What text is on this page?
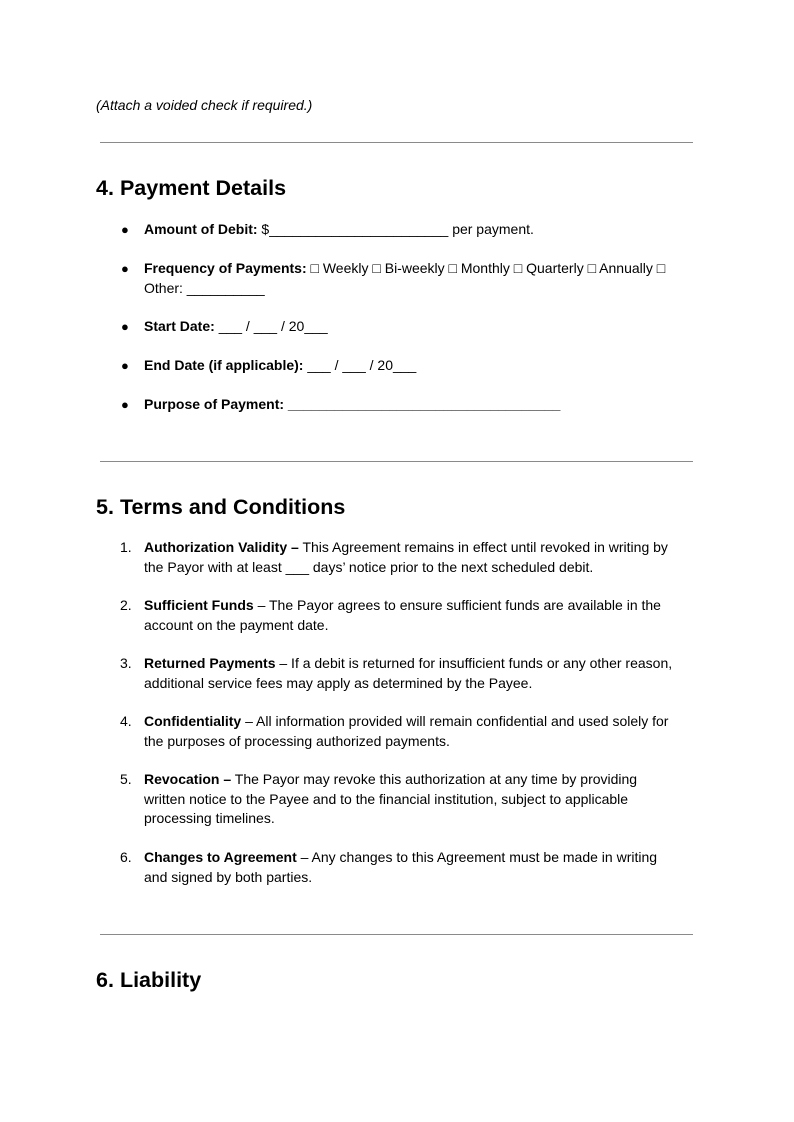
(Attach a voided check if required.)
4. Payment Details
● Amount of Debit: $_______________________ per payment.
● Frequency of Payments: □ Weekly □ Bi-weekly □ Monthly □ Quarterly □ Annually □
Other: __________
● Start Date: ___ / ___ / 20___
● End Date (if applicable): ___ / ___ / 20___
● Purpose of Payment: ___________________________________
5. Terms and Conditions
1. Authorization Validity – This Agreement remains in effect until revoked in writing by
the Payor with at least ___ days’ notice prior to the next scheduled debit.
2. Sufficient Funds – The Payor agrees to ensure sufficient funds are available in the
account on the payment date.
3. Returned Payments – If a debit is returned for insufficient funds or any other reason,
additional service fees may apply as determined by the Payee.
4. Confidentiality – All information provided will remain confidential and used solely for
the purposes of processing authorized payments.
5. Revocation – The Payor may revoke this authorization at any time by providing
written notice to the Payee and to the financial institution, subject to applicable
processing timelines.
6. Changes to Agreement – Any changes to this Agreement must be made in writing
and signed by both parties.
6. Liability
